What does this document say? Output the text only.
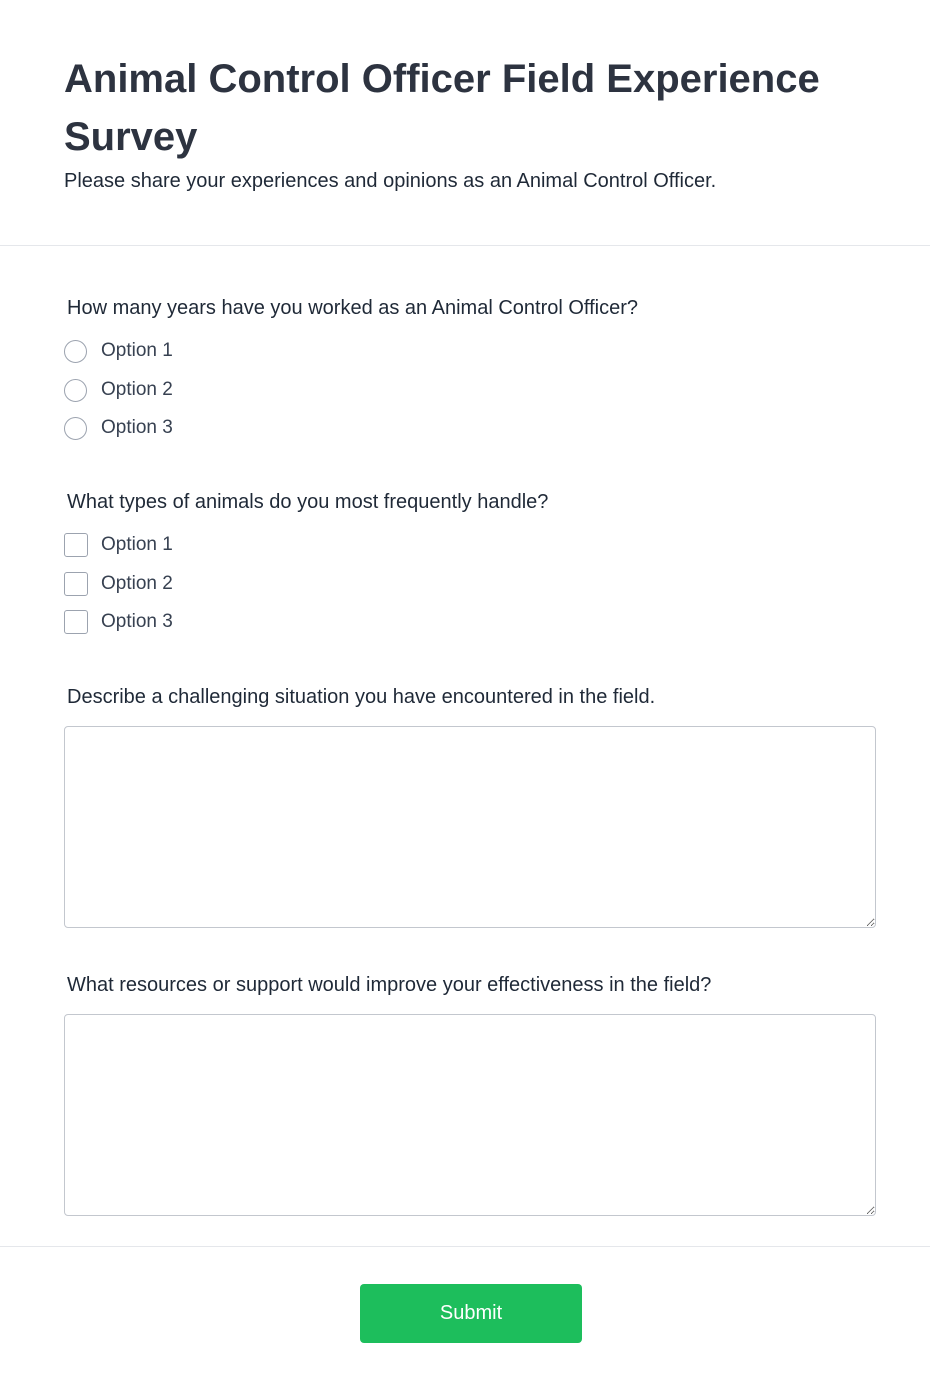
Animal Control Officer Field Experience Survey

Please share your experiences and opinions as an Animal Control Officer.

How many years have you worked as an Animal Control Officer?

Option 1
Option 2
Option 3

What types of animals do you most frequently handle?

Option 1
Option 2
Option 3

Describe a challenging situation you have encountered in the field.

What resources or support would improve your effectiveness in the field?

Submit
